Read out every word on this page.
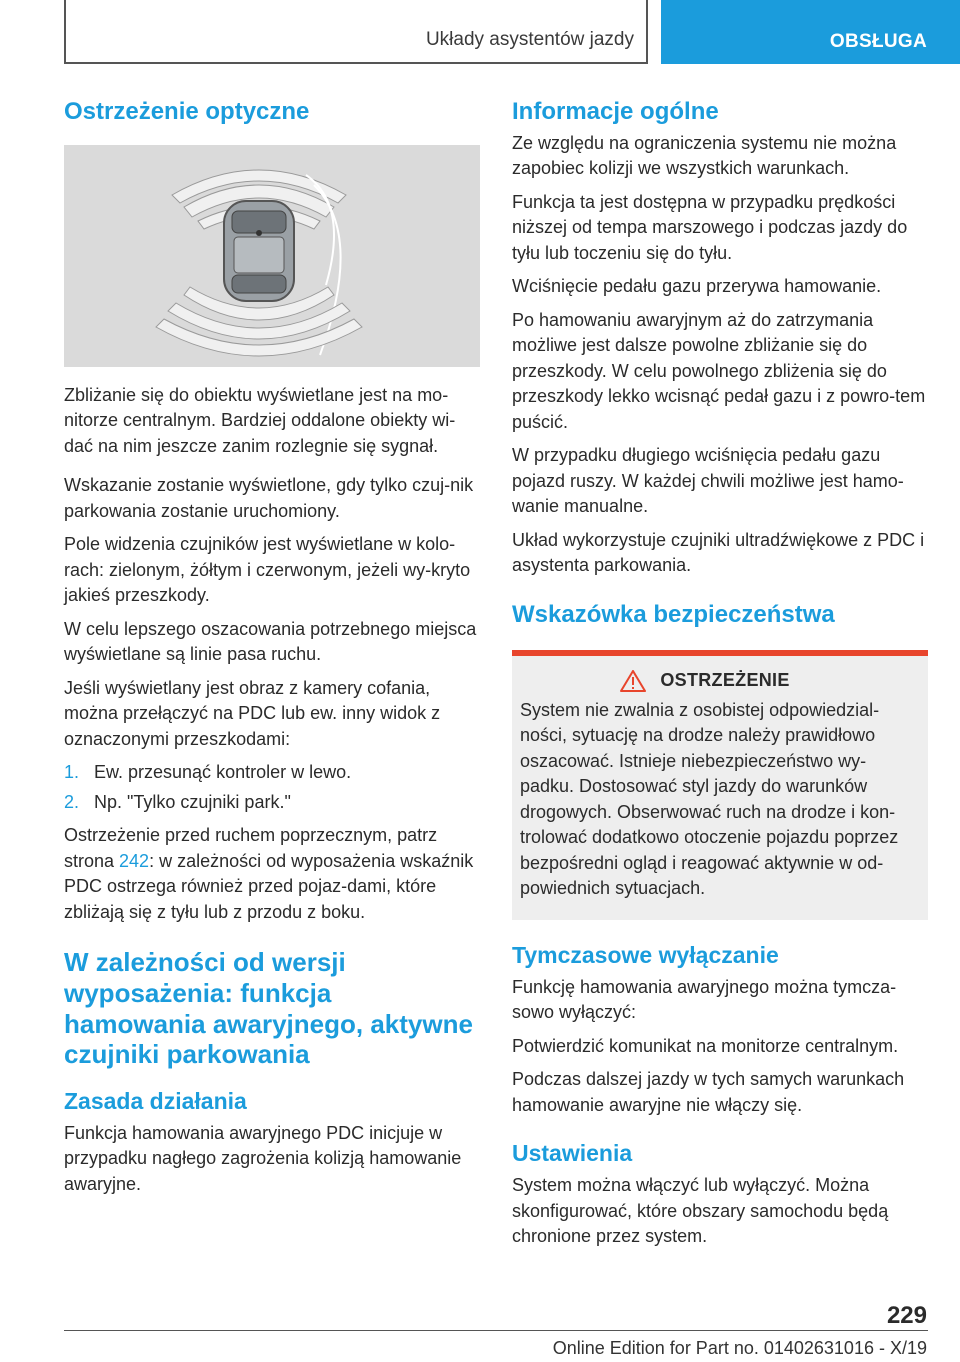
Układy asystentów jazdy	OBSŁUGA
Ostrzeżenie optyczne

Zbliżanie się do obiektu wyświetlane jest na mo-nitorze centralnym. Bardziej oddalone obiekty wi-dać na nim jeszcze zanim rozlegnie się sygnał.

Wskazanie zostanie wyświetlone, gdy tylko czuj-nik parkowania zostanie uruchomiony.

Pole widzenia czujników jest wyświetlane w kolo-rach: zielonym, żółtym i czerwonym, jeżeli wy-kryto jakieś przeszkody.

W celu lepszego oszacowania potrzebnego miejsca wyświetlane są linie pasa ruchu.

Jeśli wyświetlany jest obraz z kamery cofania, można przełączyć na PDC lub ew. inny widok z oznaczonymi przeszkodami:

1. Ew. przesunąć kontroler w lewo.
2. Np. "Tylko czujniki park."

Ostrzeżenie przed ruchem poprzecznym, patrz strona 242: w zależności od wyposażenia wskaźnik PDC ostrzega również przed pojaz-dami, które zbliżają się z tyłu lub z przodu z boku.

W zależności od wersji wyposażenia: funkcja hamowania awaryjnego, aktywne czujniki parkowania
Zasada działania

Funkcja hamowania awaryjnego PDC inicjuje w przypadku nagłego zagrożenia kolizją hamowanie awaryjne.

Informacje ogólne

Ze względu na ograniczenia systemu nie można zapobiec kolizji we wszystkich warunkach.

Funkcja ta jest dostępna w przypadku prędkości niższej od tempa marszowego i podczas jazdy do tyłu lub toczeniu się do tyłu.

Wciśnięcie pedału gazu przerywa hamowanie.

Po hamowaniu awaryjnym aż do zatrzymania możliwe jest dalsze powolne zbliżanie się do przeszkody. W celu powolnego zbliżenia się do przeszkody lekko wcisnąć pedał gazu i z powro-tem puścić.

W przypadku długiego wciśnięcia pedału gazu pojazd ruszy. W każdej chwili możliwe jest hamo-wanie manualne.

Układ wykorzystuje czujniki ultradźwiękowe z PDC i asystenta parkowania.

Wskazówka bezpieczeństwa
OSTRZEŻENIE

System nie zwalnia z osobistej odpowiedzial-ności, sytuację na drodze należy prawidłowo oszacować. Istnieje niebezpieczeństwo wy-padku. Dostosować styl jazdy do warunków drogowych. Obserwować ruch na drodze i kon-trolować dodatkowo otoczenie pojazdu poprzez bezpośredni ogląd i reagować aktywnie w od-powiednich sytuacjach.

Tymczasowe wyłączanie

Funkcję hamowania awaryjnego można tymcza-sowo wyłączyć:

Potwierdzić komunikat na monitorze centralnym.

Podczas dalszej jazdy w tych samych warunkach hamowanie awaryjne nie włączy się.

Ustawienia

System można włączyć lub wyłączyć. Można skonfigurować, które obszary samochodu będą chronione przez system.

229
Online Edition for Part no. 01402631016 - X/19
